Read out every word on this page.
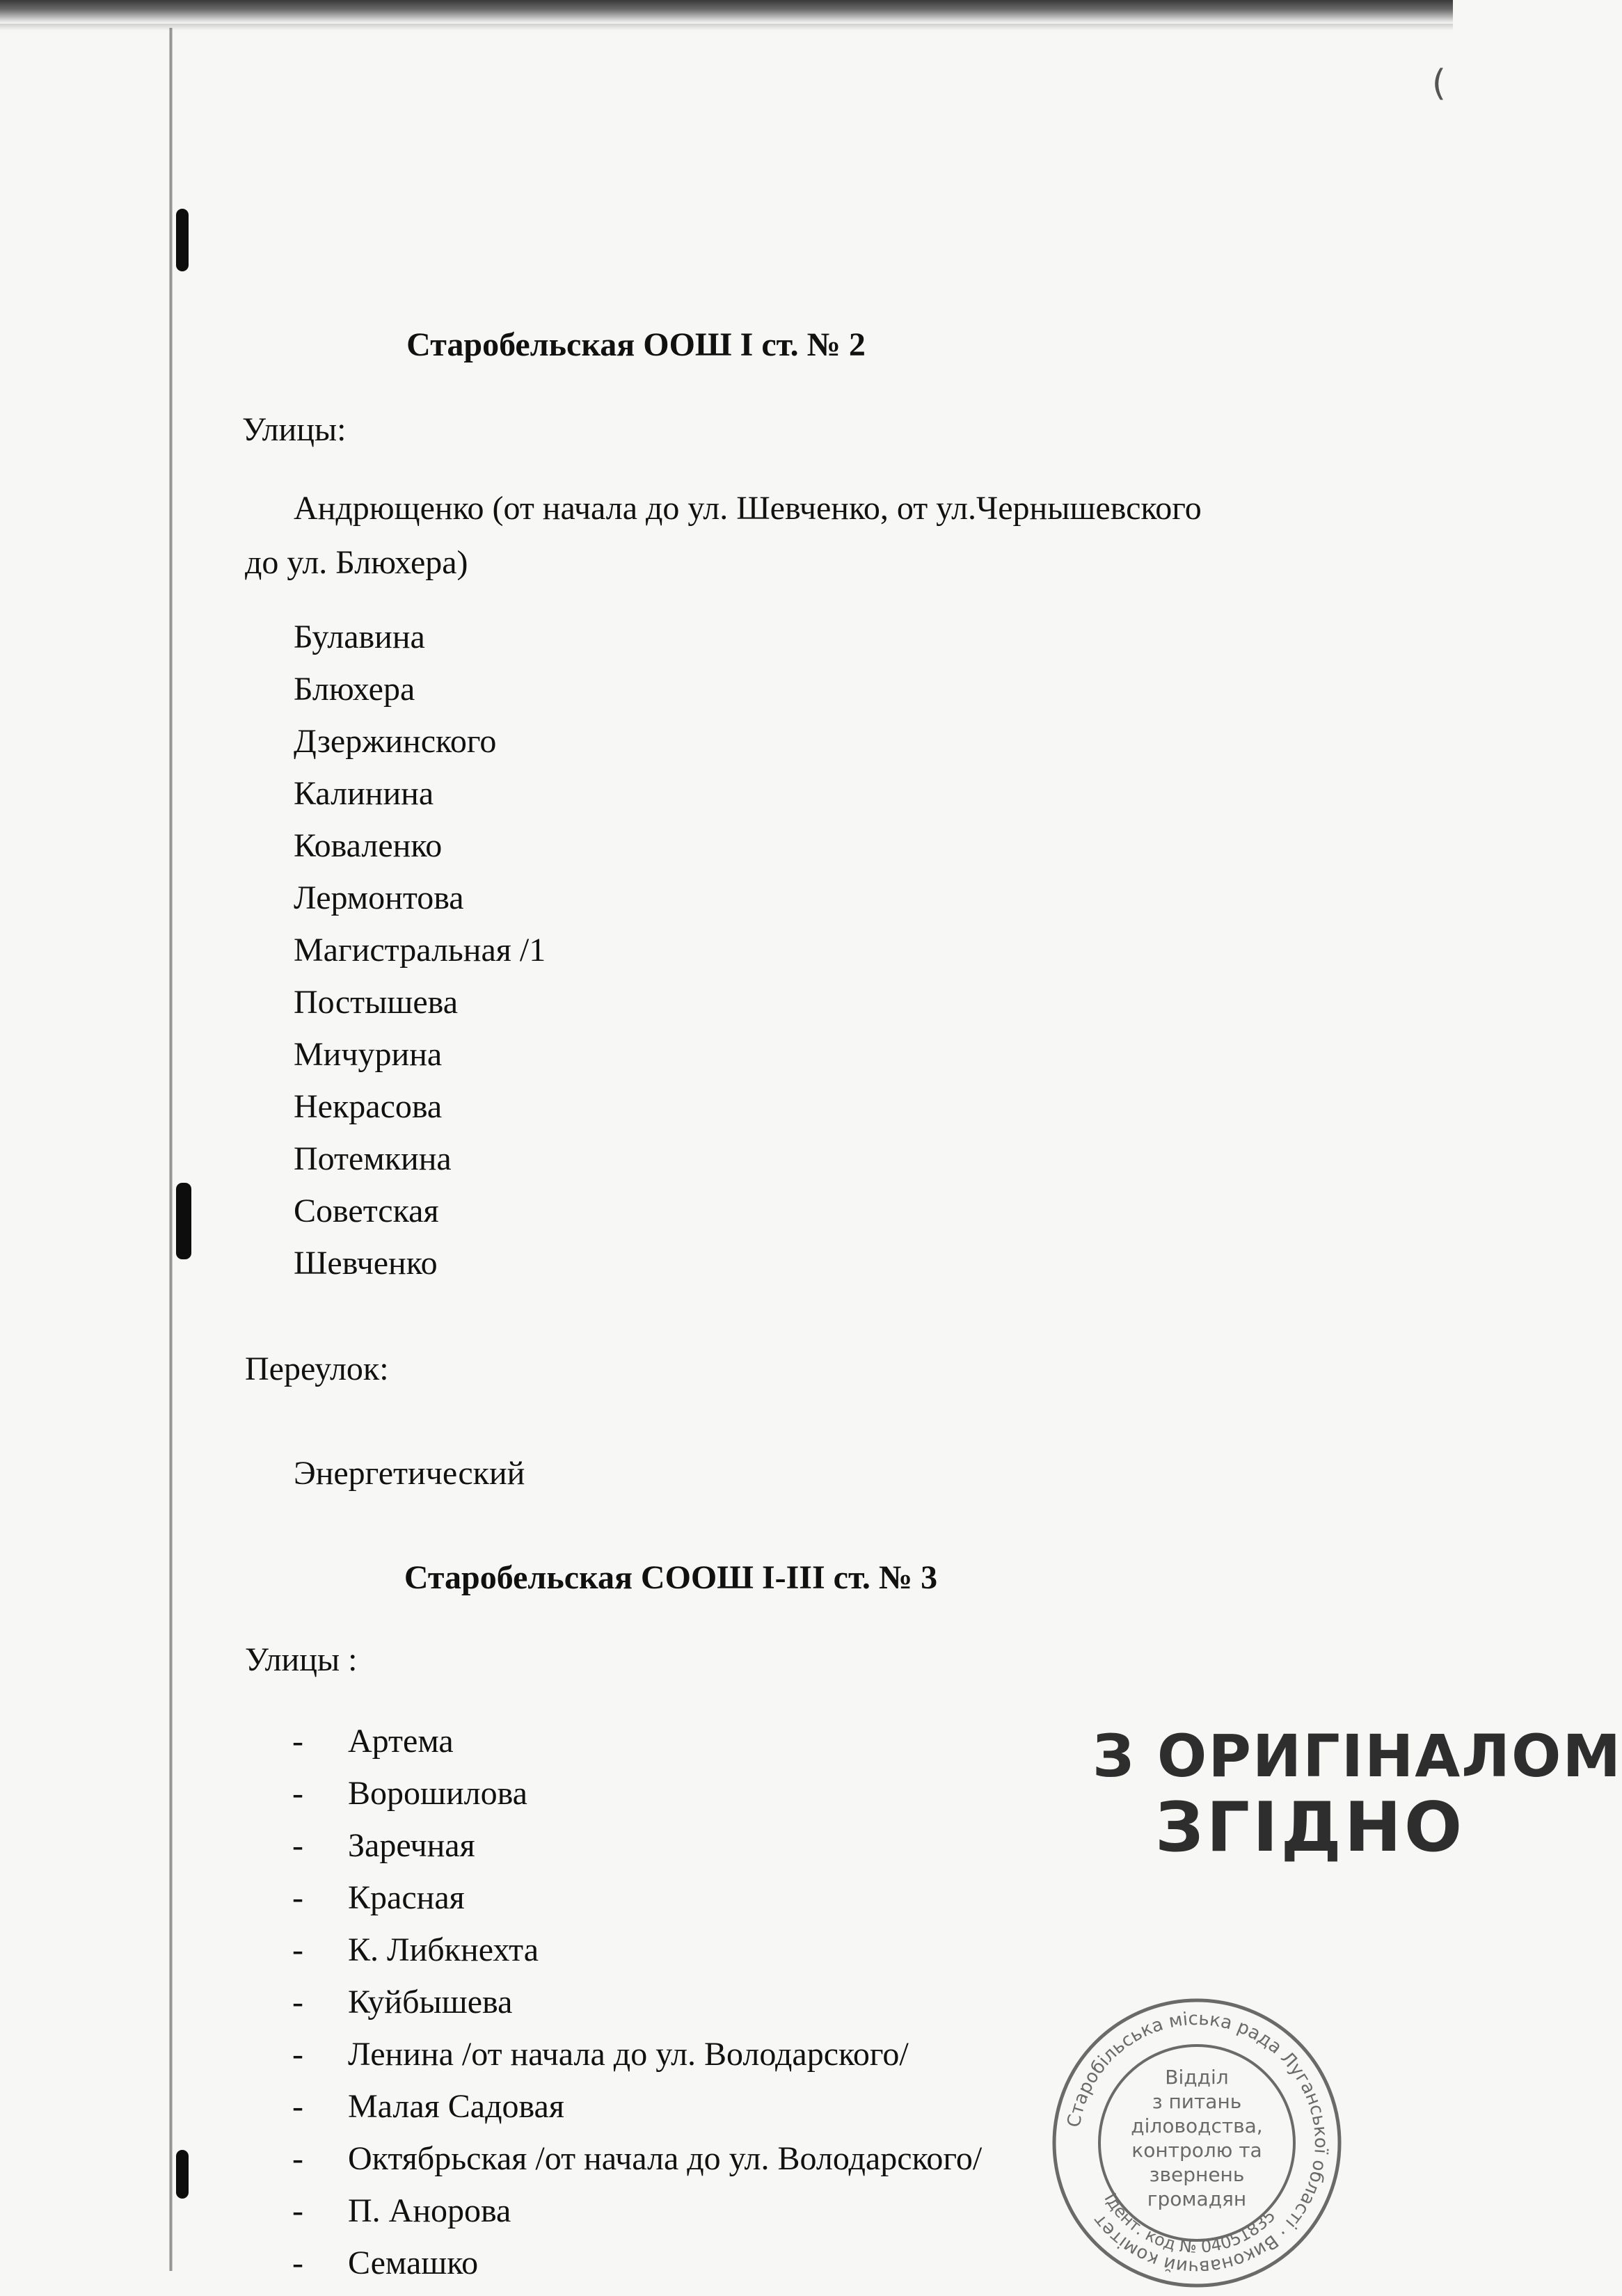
(
Старобельская ООШ I ст. № 2
Улицы:
Андрющенко (от начала до ул. Шевченко, от ул.Чернышевского
до ул. Блюхера)
Булавина
Блюхера
Дзержинского
Калинина
Коваленко
Лермонтова
Магистральная /1
Постышева
Мичурина
Некрасова
Потемкина
Советская
Шевченко
Переулок:
Энергетический
Старобельская СООШ I-III ст. № 3
Улицы :
-	Артема
-	Ворошилова
-	Заречная
-	Красная
-	К. Либкнехта
-	Куйбышева
-	Ленина /от начала до ул. Володарского/
-	Малая Садовая
-	Октябрьская /от начала до ул. Володарского/
-	П. Анорова
-	Семашко
З ОРИГІНАЛОМ
ЗГІДНО
Старобільська міська рада Луганської області · Виконавчий комітет
Ідент. код № 04051835
Відділ
з питань
діловодства,
контролю та
звернень
громадян
